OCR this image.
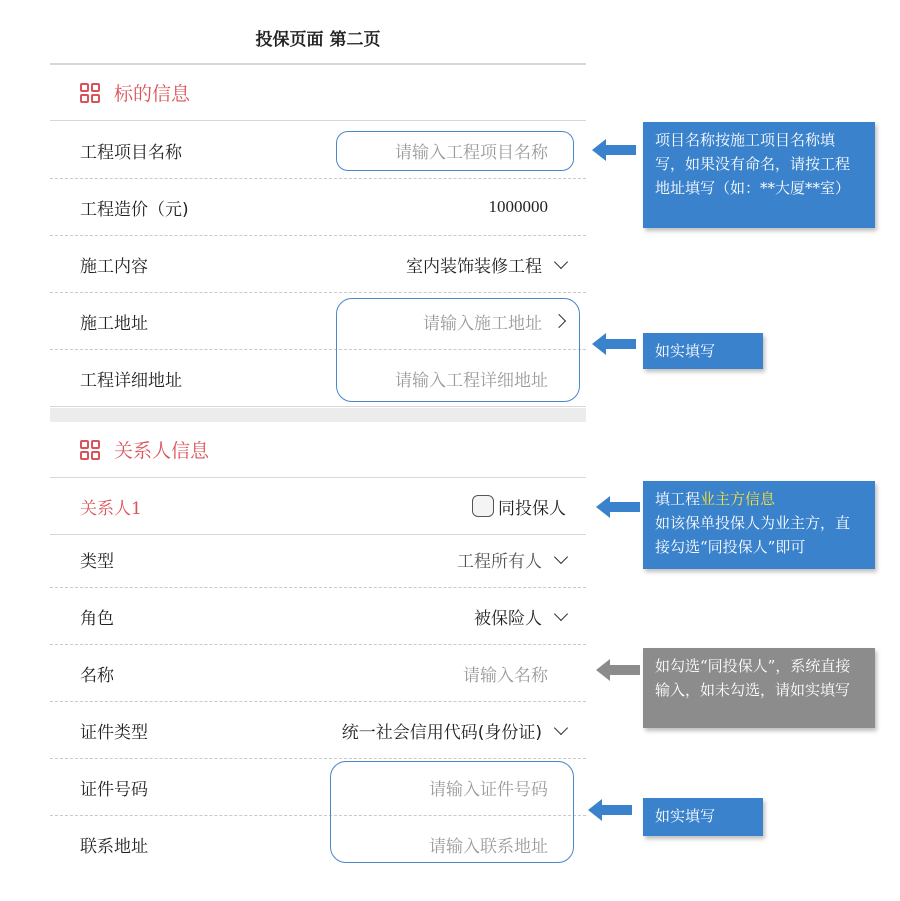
投保页面 第二页
标的信息
工程项目名称	请输入工程项目名称
工程造价（元)	1000000
施工内容	室内装饰装修工程
施工地址	请输入施工地址
工程详细地址	请输入工程详细地址
关系人信息
关系人1	同投保人
类型	工程所有人
角色	被保险人
名称	请输入名称
证件类型	统一社会信用代码(身份证)
证件号码	请输入证件号码
联系地址	请输入联系地址
项目名称按施工项目名称填写，如果没有命名，请按工程地址填写（如：**大厦**室）
如实填写
填工程业主方信息
如该保单投保人为业主方，直接勾选“同投保人”即可
如勾选“同投保人”，系统直接输入，如未勾选，请如实填写
如实填写
